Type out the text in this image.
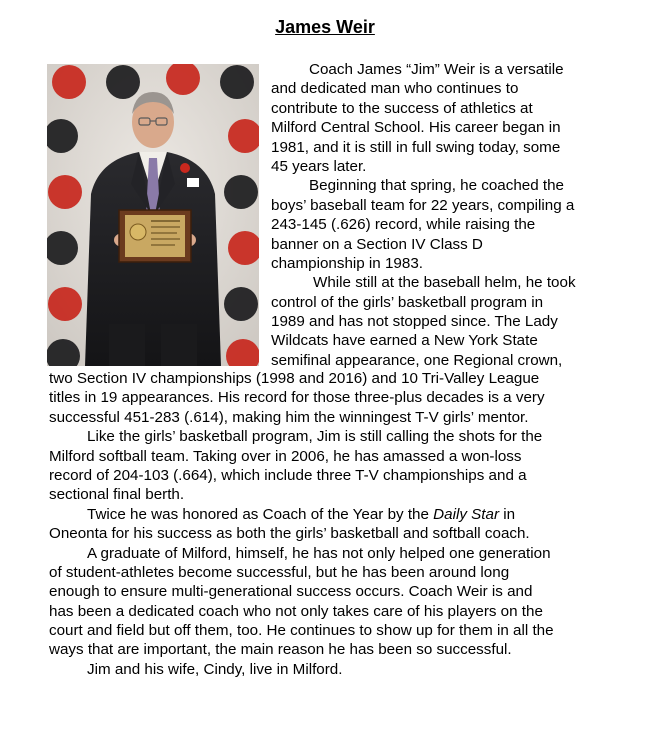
James Weir

Coach James “Jim” Weir is a versatile

and dedicated man who continues to

contribute to the success of athletics at

Milford Central School. His career began in

1981, and it is still in full swing today, some

45 years later.

Beginning that spring, he coached the

boys’ baseball team for 22 years, compiling a

243-145 (.626) record, while raising the

banner on a Section IV Class D

championship in 1983.

While still at the baseball helm, he took

control of the girls’ basketball program in

1989 and has not stopped since. The Lady

Wildcats have earned a New York State

semifinal appearance, one Regional crown,

two Section IV championships (1998 and 2016) and 10 Tri-Valley League

titles in 19 appearances. His record for those three-plus decades is a very

successful 451-283 (.614), making him the winningest T-V girls’ mentor.

Like the girls’ basketball program, Jim is still calling the shots for the

Milford softball team. Taking over in 2006, he has amassed a won-loss

record of 204-103 (.664), which include three T-V championships and a

sectional final berth.

Twice he was honored as Coach of the Year by the Daily Star in

Oneonta for his success as both the girls’ basketball and softball coach.

A graduate of Milford, himself, he has not only helped one generation

of student-athletes become successful, but he has been around long

enough to ensure multi-generational success occurs. Coach Weir is and

has been a dedicated coach who not only takes care of his players on the

court and field but off them, too. He continues to show up for them in all the

ways that are important, the main reason he has been so successful.

Jim and his wife, Cindy, live in Milford.
